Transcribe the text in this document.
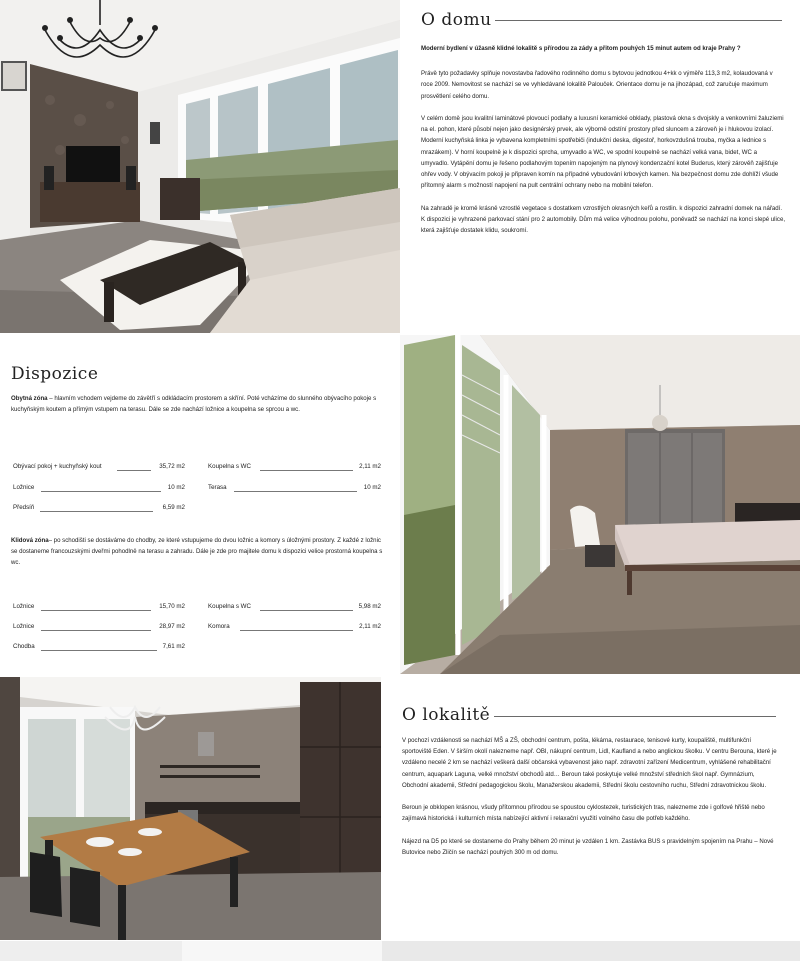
O domu

Moderní bydlení v úžasně klidné lokalitě s přírodou za zády a přitom pouhých 15 minut autem od kraje Prahy ?

Právě tyto požadavky splňuje novostavba řadového rodinného domu s bytovou jednotkou 4+kk o výměře 113,3 m2, kolaudovaná v roce 2009. Nemovitost se nachází se ve vyhledávané lokalitě Palouček. Orientace domu je na jihozápad, což zaručuje maximum prosvětlení celého domu.

V celém domě jsou kvalitní laminátové plovoucí podlahy a luxusní keramické obklady, plastová okna s dvojskly a venkovními žaluziemi na el. pohon, které působí nejen jako designérský prvek, ale výborně odstíní prostory před sluncem a zároveň je i hlukovou izolací. Moderní kuchyňská linka je vybavena kompletními spotřebiči (indukční deska, digestoř, horkovzdušná trouba, myčka a lednice s mrazákem). V horní koupelně je k dispozici sprcha, umyvadlo a WC, ve spodní koupelně se nachází velká vana, bidet, WC a umyvadlo. Vytápění domu je řešeno podlahovým topením napojeným na plynový kondenzační kotel Buderus, který zárověň zajišťuje ohřev vody. V obývacím pokoji je připraven komín na případné vybudování krbových kamen. Na bezpečnost domu zde dohlíží všude přítomný alarm s možností napojení na pult centrální ochrany nebo na mobilní telefon.

Na zahradě je kromě krásně vzrostlé vegetace s dostatkem vzrostlých okrasných keřů a rostlin. k dispozici zahradní domek na nářadí. K dispozici je vyhrazené parkovací stání pro 2 automobily. Dům má velice výhodnou polohu, poněvadž se nachází na konci slepé ulice, která zajišťuje dostatek klidu, soukromí.

Dispozice
Obytná zóna – hlavním vchodem vejdeme do závětří s odkládacím prostorem a skříní. Poté vcházíme do slunného obývacího pokoje s kuchyňským koutem a přímým vstupem na terasu. Dále se zde nachází ložnice a koupelna se sprcou a wc.
Obývací pokoj + kuchyňský kout	35,72 m2
Ložnice	10 m2
Předsíň	6,59 m2
Koupelna s WC	2,11 m2
Terasa	10 m2
Klidová zóna– po schodišti se dostáváme do chodby, ze které vstupujeme do dvou ložnic a komory s úložnými prostory. Z každé z ložnic se dostaneme francouzskými dveřmi pohodlně na terasu a zahradu. Dále je zde pro majitele domu k dispozici velice prostorná koupelna s wc.
Ložnice	15,70 m2
Ložnice	28,97 m2
Chodba	7,61 m2
Koupelna s WC	5,98 m2
Komora	2,11 m2
O lokalitě

V pochozí vzdálenosti se nachází MŠ a ZŠ, obchodní centrum, pošta, lékárna, restaurace, tenisové kurty, koupaliště, multifunkční sportoviště Eden. V širším okolí nalezneme např. OBI, nákupní centrum, Lidl, Kaufland a nebo anglickou školku. V centru Berouna, které je vzdáleno necelé 2 km se nachází veškerá další občanská vybavenost jako např. zdravotní zařízení Medicentrum, vyhlášené rehabilitační centrum, aquapark Laguna, velké množství obchodů atd… Beroun také poskytuje velké množství středních škol např. Gymnázium, Obchodní akademii, Střední pedagogickou školu, Manažerskou akademii, Střední školu cestovního ruchu, Střední zdravotnickou školu.

Beroun je obklopen krásnou, všudy přítomnou přírodou se spoustou cyklostezek, turistických tras, nalezneme zde i golfové hřiště nebo zajímavá historická i kulturních místa nabízející aktivní i relaxační využití volného času dle potřeb každého.

Nájezd na D5 po které se dostaneme do Prahy během 20 minut je vzdálen 1 km. Zastávka BUS s pravidelným spojením na Prahu – Nové Butovice nebo Zličín se nachází pouhých 300 m od domu.
